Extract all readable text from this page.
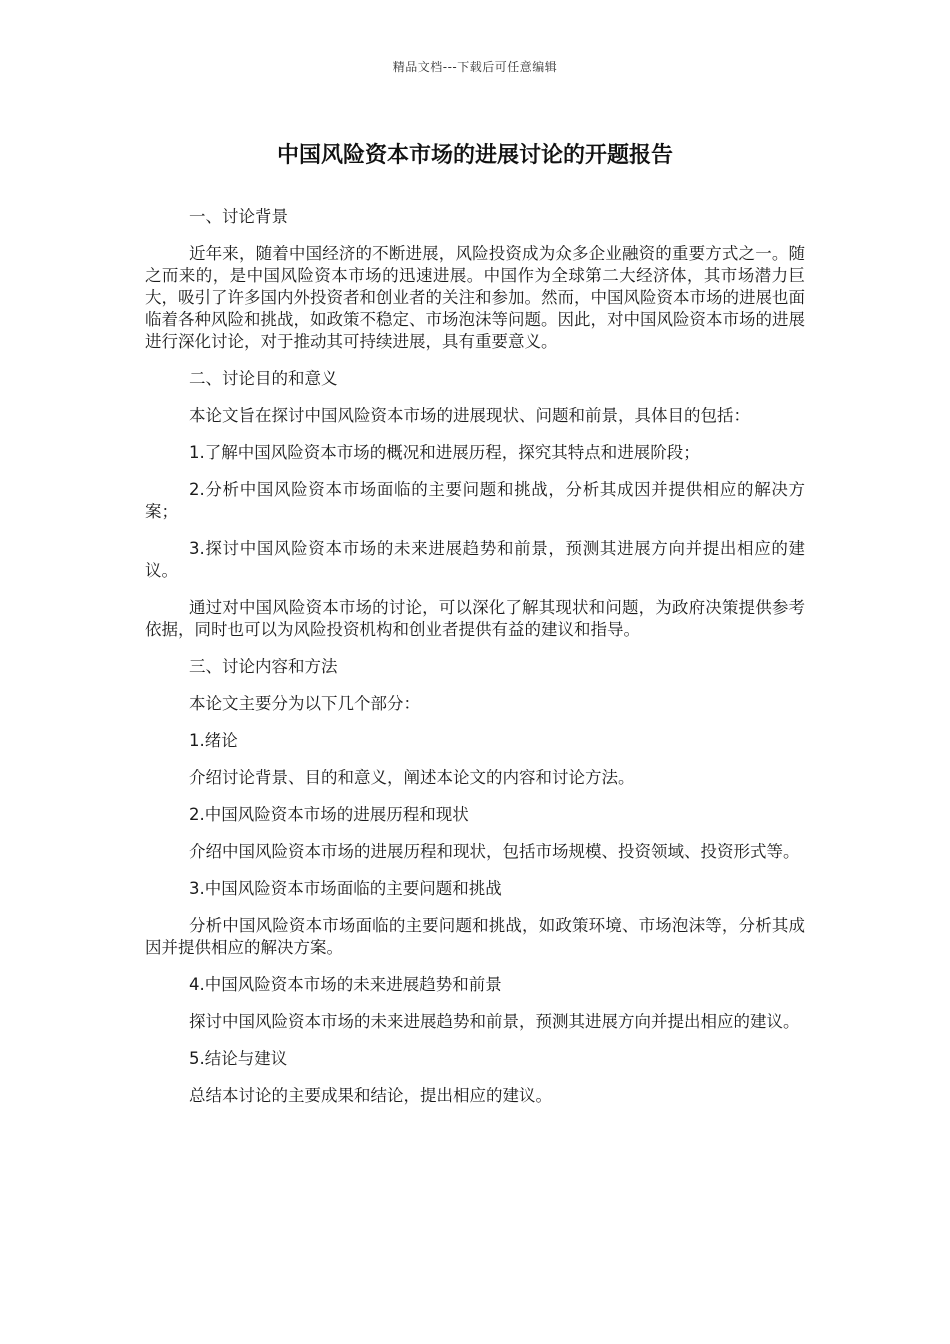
精品文档---下载后可任意编辑
中国风险资本市场的进展讨论的开题报告

一、讨论背景

近年来，随着中国经济的不断进展，风险投资成为众多企业融资的重要方式之一。随之而来的，是中国风险资本市场的迅速进展。中国作为全球第二大经济体，其市场潜力巨大，吸引了许多国内外投资者和创业者的关注和参加。然而，中国风险资本市场的进展也面临着各种风险和挑战，如政策不稳定、市场泡沫等问题。因此，对中国风险资本市场的进展进行深化讨论，对于推动其可持续进展，具有重要意义。

二、讨论目的和意义

本论文旨在探讨中国风险资本市场的进展现状、问题和前景，具体目的包括：

1.了解中国风险资本市场的概况和进展历程，探究其特点和进展阶段；

2.分析中国风险资本市场面临的主要问题和挑战，分析其成因并提供相应的解决方案；

3.探讨中国风险资本市场的未来进展趋势和前景，预测其进展方向并提出相应的建议。

通过对中国风险资本市场的讨论，可以深化了解其现状和问题，为政府决策提供参考依据，同时也可以为风险投资机构和创业者提供有益的建议和指导。

三、讨论内容和方法

本论文主要分为以下几个部分：

1.绪论

介绍讨论背景、目的和意义，阐述本论文的内容和讨论方法。

2.中国风险资本市场的进展历程和现状

介绍中国风险资本市场的进展历程和现状，包括市场规模、投资领域、投资形式等。

3.中国风险资本市场面临的主要问题和挑战

分析中国风险资本市场面临的主要问题和挑战，如政策环境、市场泡沫等，分析其成因并提供相应的解决方案。

4.中国风险资本市场的未来进展趋势和前景

探讨中国风险资本市场的未来进展趋势和前景，预测其进展方向并提出相应的建议。

5.结论与建议

总结本讨论的主要成果和结论，提出相应的建议。
